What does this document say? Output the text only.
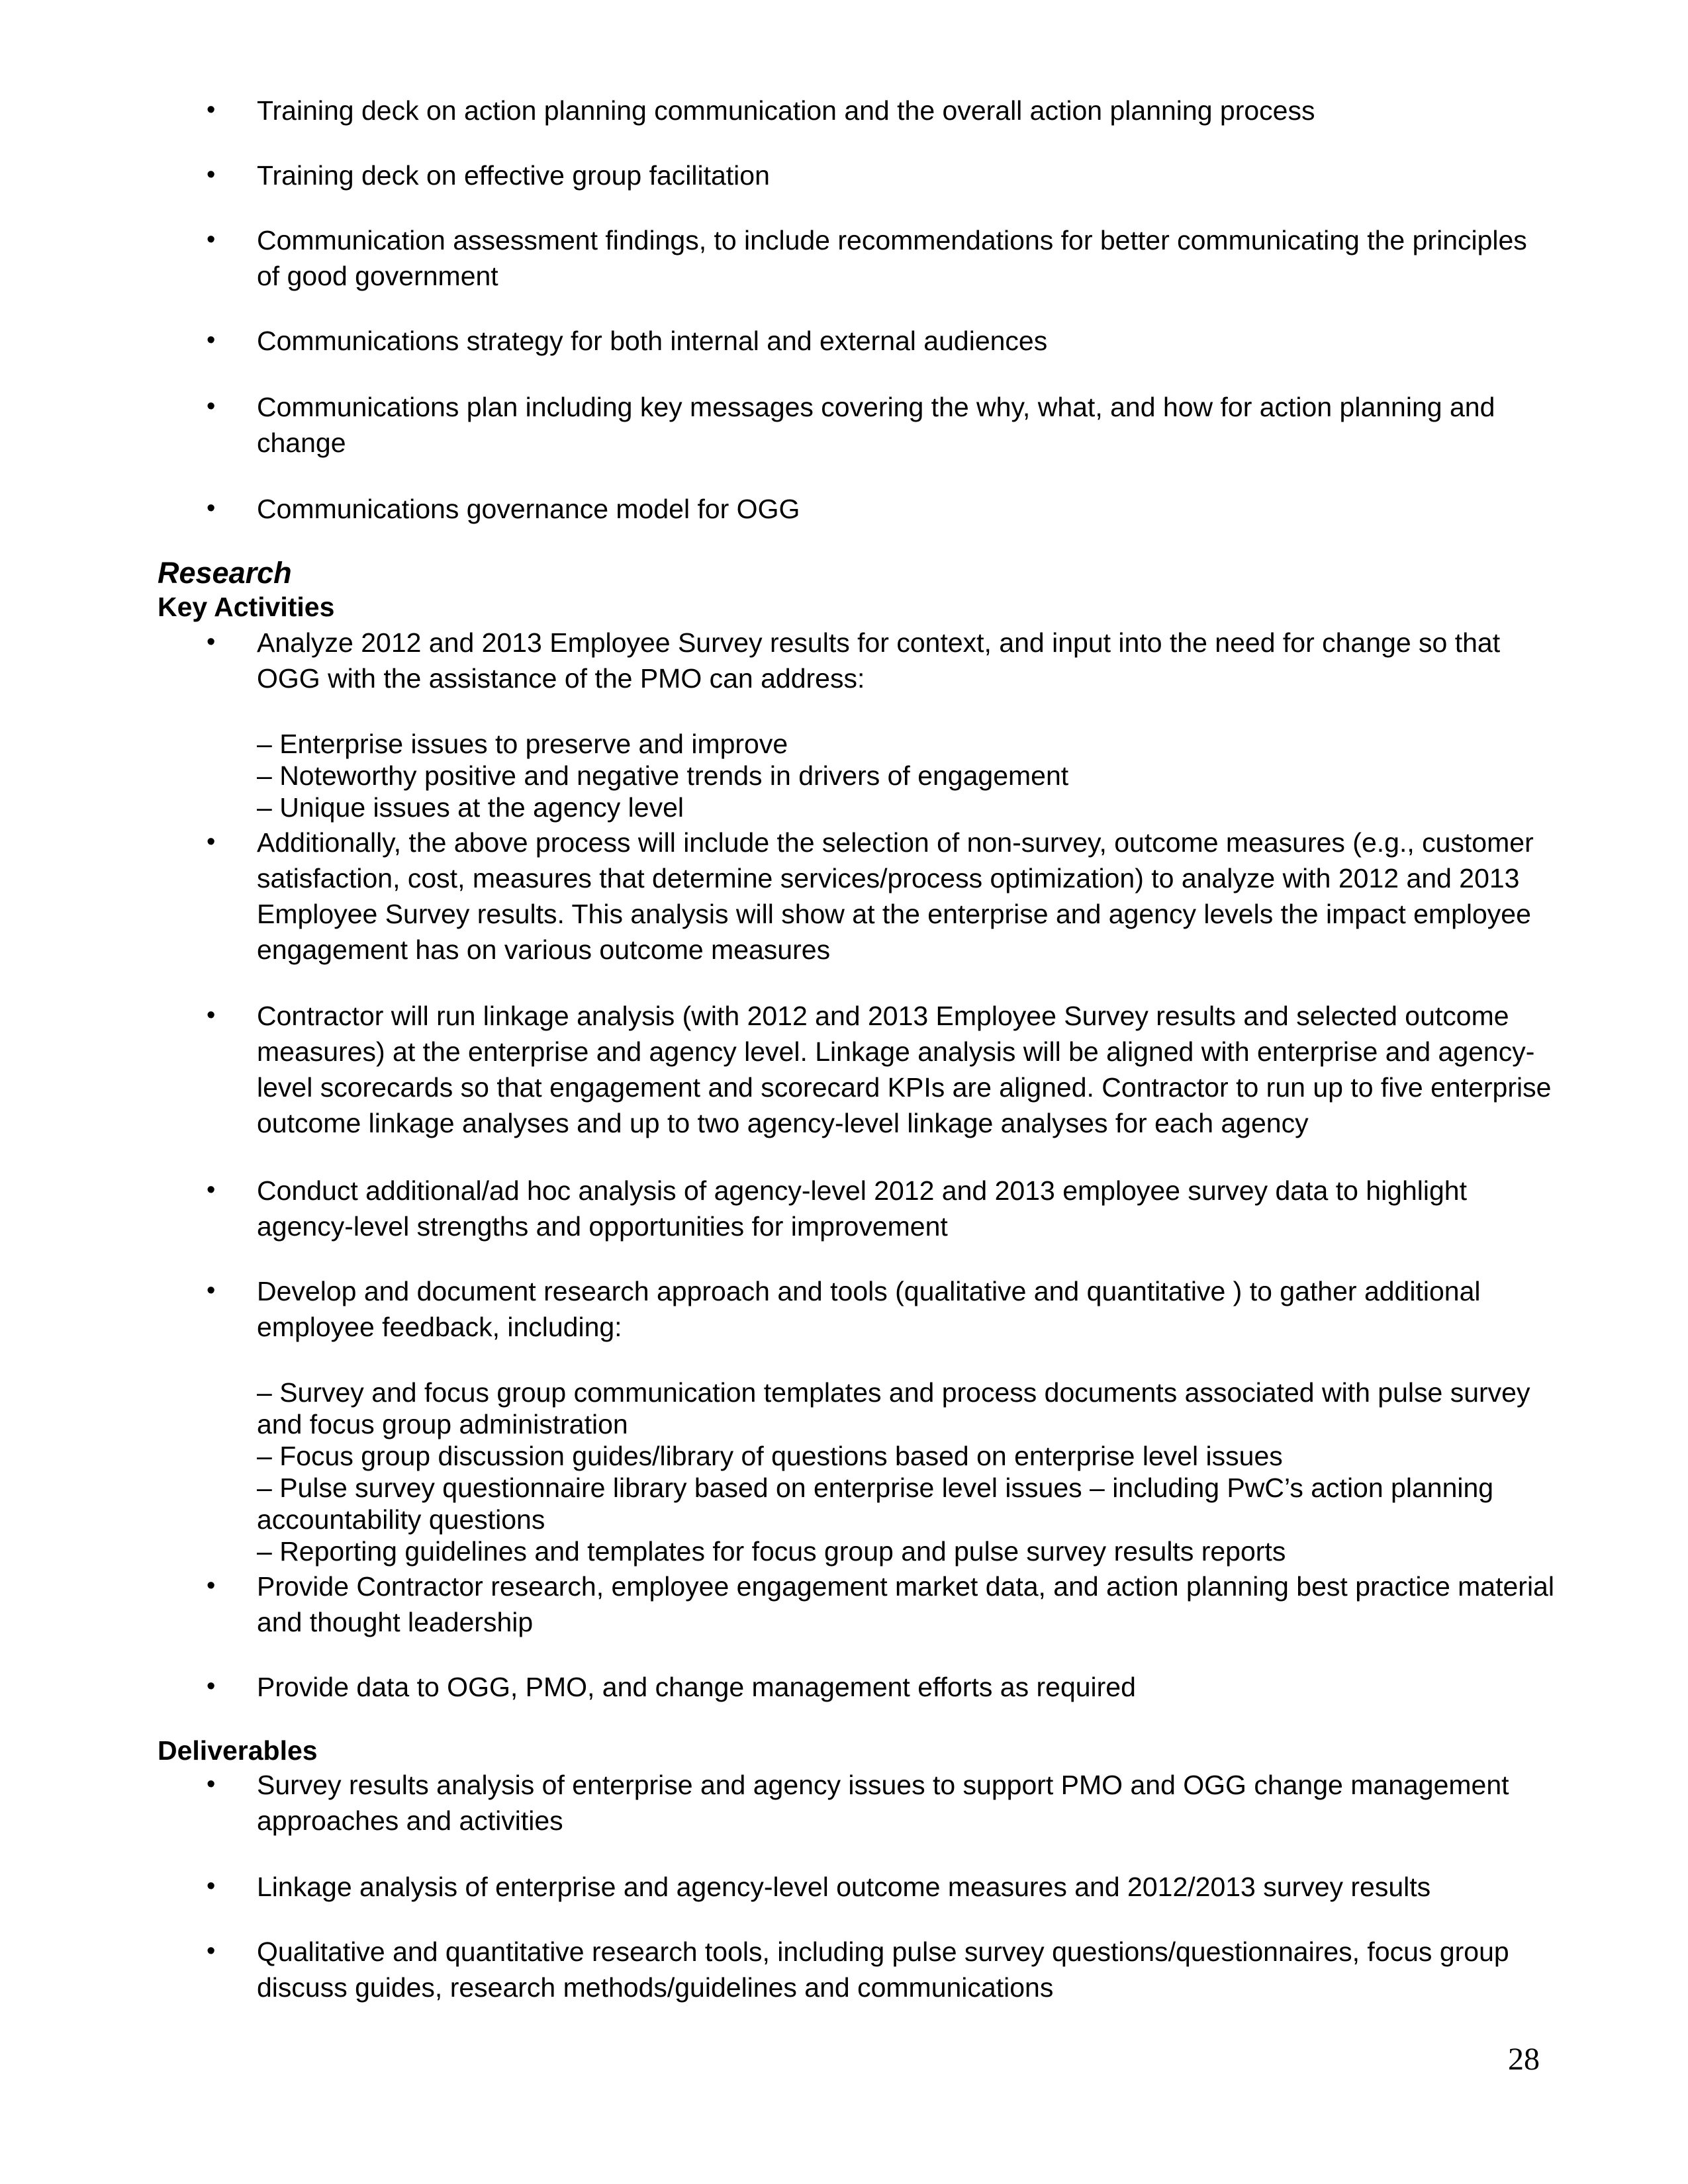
• Training deck on action planning communication and the overall action planning process
• Training deck on effective group facilitation
• Communication assessment findings, to include recommendations for better communicating the principles of good government
• Communications strategy for both internal and external audiences
• Communications plan including key messages covering the why, what, and how for action planning and change
• Communications governance model for OGG
Research
Key Activities
• Analyze 2012 and 2013 Employee Survey results for context, and input into the need for change so that OGG with the assistance of the PMO can address:
– Enterprise issues to preserve and improve
– Noteworthy positive and negative trends in drivers of engagement
– Unique issues at the agency level
• Additionally, the above process will include the selection of non-survey, outcome measures (e.g., customer satisfaction, cost, measures that determine services/process optimization) to analyze with 2012 and 2013 Employee Survey results. This analysis will show at the enterprise and agency levels the impact employee engagement has on various outcome measures
• Contractor will run linkage analysis (with 2012 and 2013 Employee Survey results and selected outcome measures) at the enterprise and agency level. Linkage analysis will be aligned with enterprise and agency-level scorecards so that engagement and scorecard KPIs are aligned. Contractor to run up to five enterprise outcome linkage analyses and up to two agency-level linkage analyses for each agency
• Conduct additional/ad hoc analysis of agency-level 2012 and 2013 employee survey data to highlight agency-level strengths and opportunities for improvement
• Develop and document research approach and tools (qualitative and quantitative ) to gather additional employee feedback, including:
– Survey and focus group communication templates and process documents associated with pulse survey and focus group administration
– Focus group discussion guides/library of questions based on enterprise level issues
– Pulse survey questionnaire library based on enterprise level issues – including PwC’s action planning accountability questions
– Reporting guidelines and templates for focus group and pulse survey results reports
• Provide Contractor research, employee engagement market data, and action planning best practice material and thought leadership
• Provide data to OGG, PMO, and change management efforts as required
Deliverables
• Survey results analysis of enterprise and agency issues to support PMO and OGG change management approaches and activities
• Linkage analysis of enterprise and agency-level outcome measures and 2012/2013 survey results
• Qualitative and quantitative research tools, including pulse survey questions/questionnaires, focus group discuss guides, research methods/guidelines and communications
28
